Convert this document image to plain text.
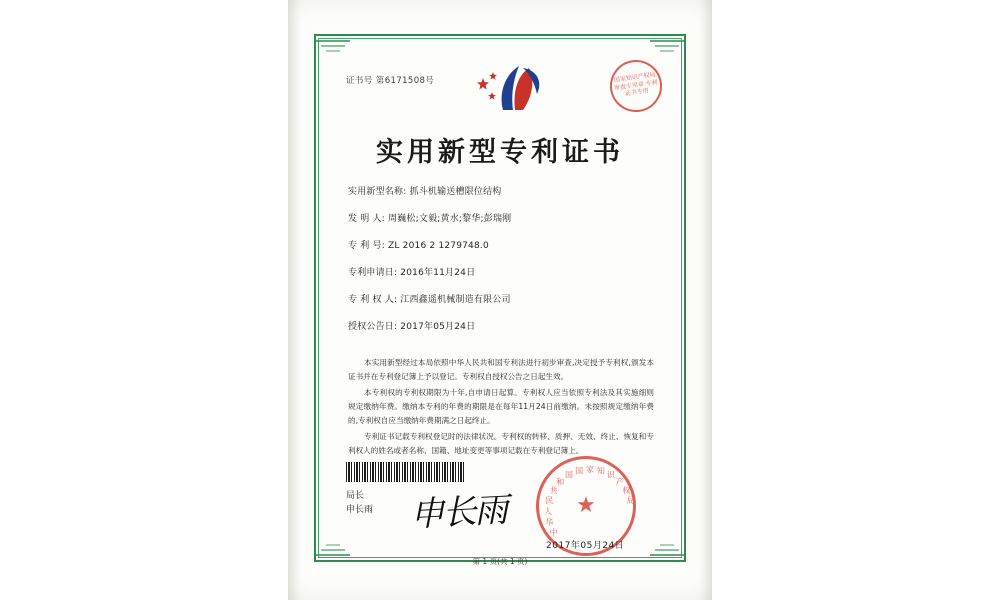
证书号 第6171508号	国家知识产权局 审查专用章 专利证书专用
实用新型专利证书
实用新型名称: 抓斗机输送槽限位结构
发 明 人: 周巍松;文毅;黄水;黎华;彭瑞刚
专 利 号: ZL 2016 2 1279748.0
专利申请日: 2016年11月24日
专 利 权 人: 江西鑫遥机械制造有限公司
授权公告日: 2017年05月24日

本实用新型经过本局依照中华人民共和国专利法进行初步审查,决定授予专利权,颁发本证书并在专利登记簿上予以登记。专利权自授权公告之日起生效。

本专利权的专利权期限为十年,自申请日起算。专利权人应当依照专利法及其实施细则规定缴纳年费。缴纳本专利的年费的期限是在每年11月24日前缴纳。未按照规定缴纳年费的,专利权自应当缴纳年费期满之日起终止。

专利证书记载专利权登记时的法律状况。专利权的转移、质押、无效、终止、恢复和专利权人的姓名或者名称、国籍、地址变更等事项记载在专利登记簿上。

局长
申长雨 申长雨	中
华
人
民
共
和
国 国 家 知 识
产
权
局
★
2017年05月24日
第 1 页(共 1 页)
